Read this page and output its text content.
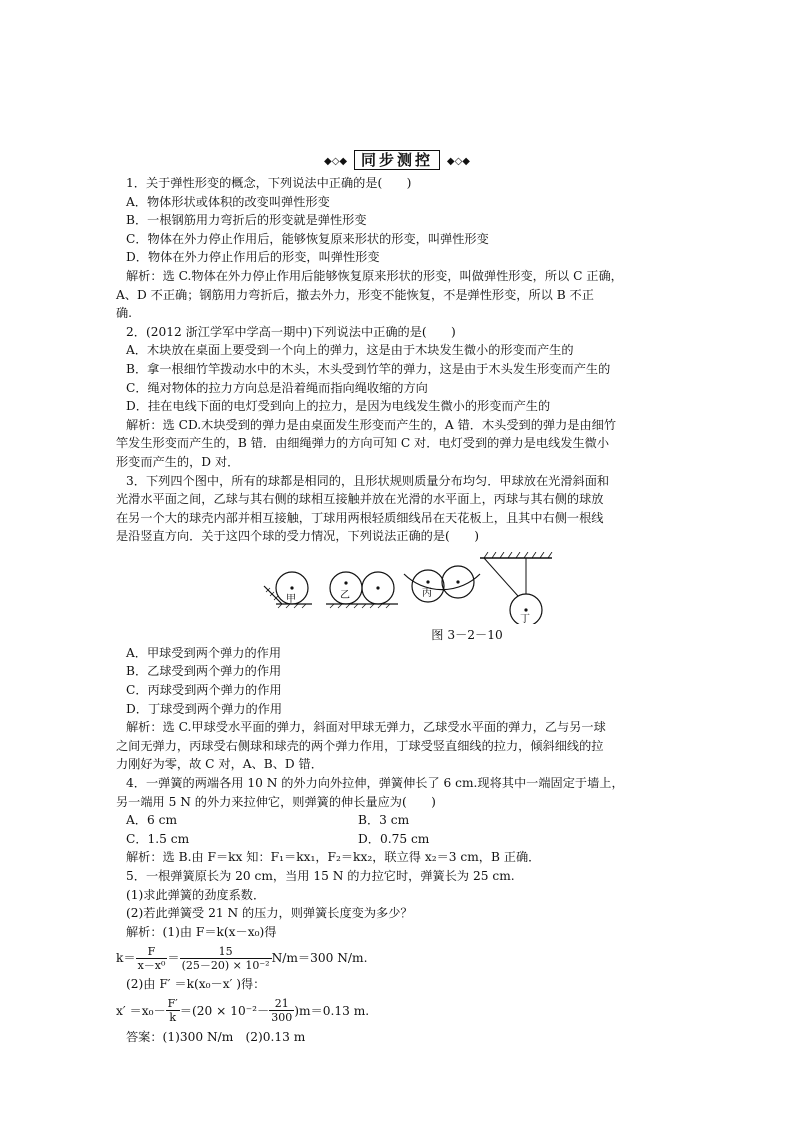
◆◇◆ 同步测控 ◆◇◆
1．关于弹性形变的概念，下列说法中正确的是(　　)
A．物体形状或体积的改变叫弹性形变
B．一根钢筋用力弯折后的形变就是弹性形变
C．物体在外力停止作用后，能够恢复原来形状的形变，叫弹性形变
D．物体在外力停止作用后的形变，叫弹性形变
解析：选 C.物体在外力停止作用后能够恢复原来形状的形变，叫做弹性形变，所以 C 正确，
A、D 不正确；钢筋用力弯折后，撤去外力，形变不能恢复，不是弹性形变，所以 B 不正
确.
2．(2012 浙江学军中学高一期中)下列说法中正确的是(　　)
A．木块放在桌面上要受到一个向上的弹力，这是由于木块发生微小的形变而产生的
B．拿一根细竹竿拨动水中的木头，木头受到竹竿的弹力，这是由于木头发生形变而产生的
C．绳对物体的拉力方向总是沿着绳而指向绳收缩的方向
D．挂在电线下面的电灯受到向上的拉力，是因为电线发生微小的形变而产生的
解析：选 CD.木块受到的弹力是由桌面发生形变而产生的，A 错．木头受到的弹力是由细竹
竿发生形变而产生的，B 错．由细绳弹力的方向可知 C 对．电灯受到的弹力是电线发生微小
形变而产生的，D 对．
3．下列四个图中，所有的球都是相同的，且形状规则质量分布均匀．甲球放在光滑斜面和
光滑水平面之间，乙球与其右侧的球相互接触并放在光滑的水平面上，丙球与其右侧的球放
在另一个大的球壳内部并相互接触，丁球用两根轻质细线吊在天花板上，且其中右侧一根线
是沿竖直方向．关于这四个球的受力情况，下列说法正确的是(　　)
甲	乙	丙
丁
图 3－2－10
A．甲球受到两个弹力的作用
B．乙球受到两个弹力的作用
C．丙球受到两个弹力的作用
D．丁球受到两个弹力的作用
解析：选 C.甲球受水平面的弹力，斜面对甲球无弹力，乙球受水平面的弹力，乙与另一球
之间无弹力，丙球受右侧球和球壳的两个弹力作用，丁球受竖直细线的拉力，倾斜细线的拉
力刚好为零，故 C 对，A、B、D 错．
4．一弹簧的两端各用 10 N 的外力向外拉伸，弹簧伸长了 6 cm.现将其中一端固定于墙上，
另一端用 5 N 的外力来拉伸它，则弹簧的伸长量应为(　　)
A．6 cm	B．3 cm
C．1.5 cm	D．0.75 cm
解析：选 B.由 F＝kx 知：F₁＝kx₁，F₂＝kx₂，联立得 x₂＝3 cm，B 正确．
5．一根弹簧原长为 20 cm，当用 15 N 的力拉它时，弹簧长为 25 cm.
(1)求此弹簧的劲度系数．
(2)若此弹簧受 21 N 的压力，则弹簧长度变为多少？
解析：(1)由 F＝k(x－x₀)得
$k= \frac{F}{\text{x－x⁰}} = \frac{15}{\text{(25－20) × 10⁻²}} N/m=300$ N/m.
(2)由 F′ ＝k(x₀－x′ )得：
$x' =x_0- \frac{F'}{k} =(20 \times 10^{-2}- \frac{21}{300} )m=0.13$ m.
答案：(1)300 N/m　(2)0.13 m
